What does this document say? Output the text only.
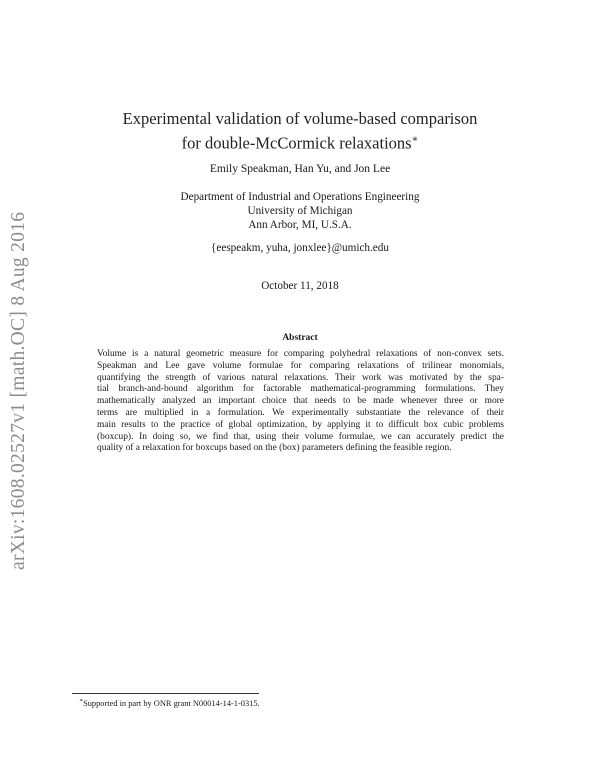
arXiv:1608.02527v1 [math.OC] 8 Aug 2016
Experimental validation of volume-based comparison
for double-McCormick relaxations∗
Emily Speakman, Han Yu, and Jon Lee
Department of Industrial and Operations Engineering
University of Michigan
Ann Arbor, MI, U.S.A.
{eespeakm, yuha, jonxlee}@umich.edu
October 11, 2018
Abstract
Volume is a natural geometric measure for comparing polyhedral relaxations of non-convex sets.
Speakman and Lee gave volume formulae for comparing relaxations of trilinear monomials,
quantifying the strength of various natural relaxations. Their work was motivated by the spa-
tial branch-and-bound algorithm for factorable mathematical-programming formulations. They
mathematically analyzed an important choice that needs to be made whenever three or more
terms are multiplied in a formulation. We experimentally substantiate the relevance of their
main results to the practice of global optimization, by applying it to difficult box cubic problems
(boxcup). In doing so, we find that, using their volume formulae, we can accurately predict the
quality of a relaxation for boxcups based on the (box) parameters defining the feasible region.
∗Supported in part by ONR grant N00014-14-1-0315.
